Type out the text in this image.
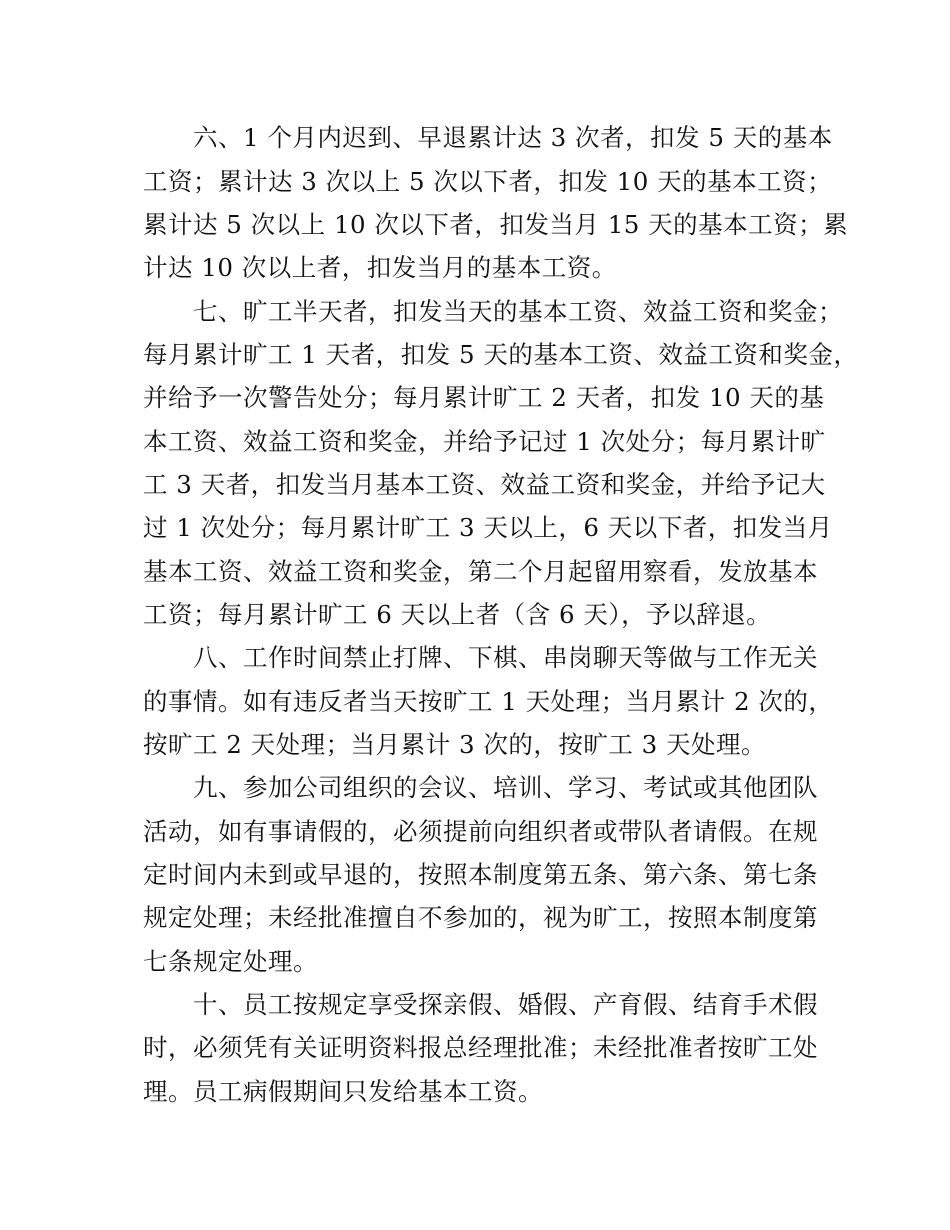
六、1 个月内迟到、早退累计达 3 次者，扣发 5 天的基本
工资；累计达 3 次以上 5 次以下者，扣发 10 天的基本工资；
累计达 5 次以上 10 次以下者，扣发当月 15 天的基本工资；累
计达 10 次以上者，扣发当月的基本工资。
七、旷工半天者，扣发当天的基本工资、效益工资和奖金；
每月累计旷工 1 天者，扣发 5 天的基本工资、效益工资和奖金，
并给予一次警告处分；每月累计旷工 2 天者，扣发 10 天的基
本工资、效益工资和奖金，并给予记过 1 次处分；每月累计旷
工 3 天者，扣发当月基本工资、效益工资和奖金，并给予记大
过 1 次处分；每月累计旷工 3 天以上，6 天以下者，扣发当月
基本工资、效益工资和奖金，第二个月起留用察看，发放基本
工资；每月累计旷工 6 天以上者（含 6 天），予以辞退。
八、工作时间禁止打牌、下棋、串岗聊天等做与工作无关
的事情。如有违反者当天按旷工 1 天处理；当月累计 2 次的，
按旷工 2 天处理；当月累计 3 次的，按旷工 3 天处理。
九、参加公司组织的会议、培训、学习、考试或其他团队
活动，如有事请假的，必须提前向组织者或带队者请假。在规
定时间内未到或早退的，按照本制度第五条、第六条、第七条
规定处理；未经批准擅自不参加的，视为旷工，按照本制度第
七条规定处理。
十、员工按规定享受探亲假、婚假、产育假、结育手术假
时，必须凭有关证明资料报总经理批准；未经批准者按旷工处
理。员工病假期间只发给基本工资。
